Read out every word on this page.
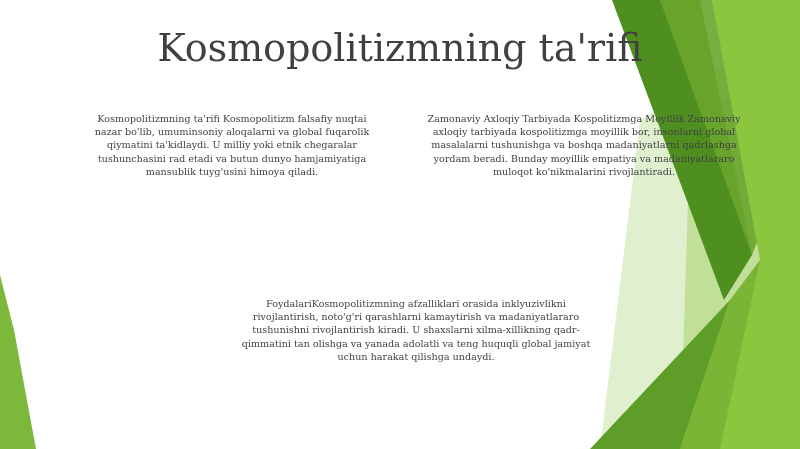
Kosmopolitizmning ta'rifi
Kosmopolitizmning ta'rifi Kosmopolitizm falsafiy nuqtai nazar bo'lib, umuminsoniy aloqalarni va global fuqarolik qiymatini ta'kidlaydi. U milliy yoki etnik chegaralar tushunchasini rad etadi va butun dunyo hamjamiyatiga mansublik tuyg'usini himoya qiladi.
Zamonaviy Axloqiy Tarbiyada Kospolitizmga Moyillik Zamonaviy axloqiy tarbiyada kospolitizmga moyillik bor, insonlarni global masalalarni tushunishga va boshqa madaniyatlarni qadrlashga yordam beradi. Bunday moyillik empatiya va madaniyatlararo muloqot ko'nikmalarini rivojlantiradi.
FoydalariKosmopolitizmning afzalliklari orasida inklyuzivlikni rivojlantirish, noto'g'ri qarashlarni kamaytirish va madaniyatlararo tushunishni rivojlantirish kiradi. U shaxslarni xilma-xillikning qadr-qimmatini tan olishga va yanada adolatli va teng huquqli global jamiyat uchun harakat qilishga undaydi.
